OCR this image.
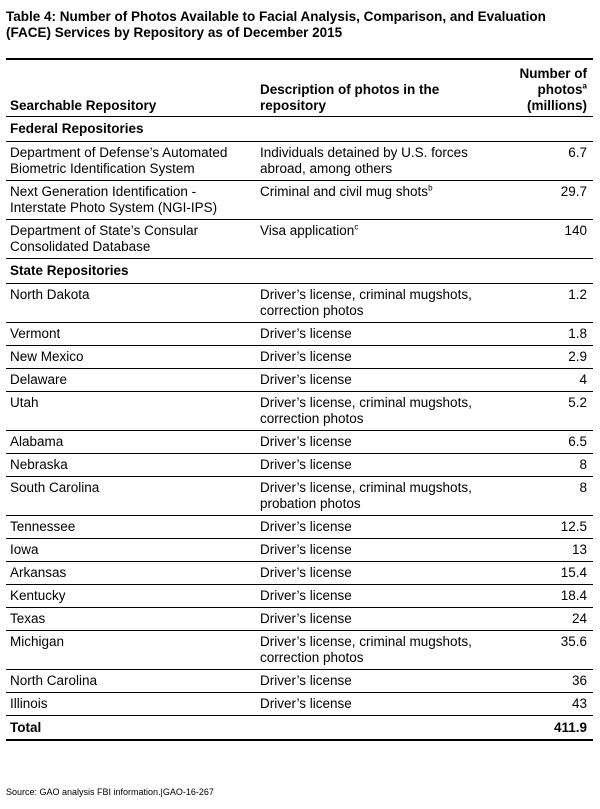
Table 4: Number of Photos Available to Facial Analysis, Comparison, and Evaluation (FACE) Services by Repository as of December 2015
Searchable Repository	Description of photos in the repository	Number of photos$^a$
(millions)
Federal Repositories		
Department of Defense’s Automated Biometric Identification System	Individuals detained by U.S. forces abroad, among others	6.7
Next Generation Identification - Interstate Photo System (NGI-IPS)	Criminal and civil mug shots$^b$	29.7
Department of State’s Consular Consolidated Database	Visa application$^c$	140
State Repositories		
North Dakota	Driver’s license, criminal mugshots, correction photos	1.2
Vermont	Driver’s license	1.8
New Mexico	Driver’s license	2.9
Delaware	Driver’s license	4
Utah	Driver’s license, criminal mugshots, correction photos	5.2
Alabama	Driver’s license	6.5
Nebraska	Driver’s license	8
South Carolina	Driver’s license, criminal mugshots, probation photos	8
Tennessee	Driver’s license	12.5
Iowa	Driver’s license	13
Arkansas	Driver’s license	15.4
Kentucky	Driver’s license	18.4
Texas	Driver’s license	24
Michigan	Driver’s license, criminal mugshots, correction photos	35.6
North Carolina	Driver’s license	36
Illinois	Driver’s license	43
Total		411.9
Source: GAO analysis FBI information.|GAO-16-267
